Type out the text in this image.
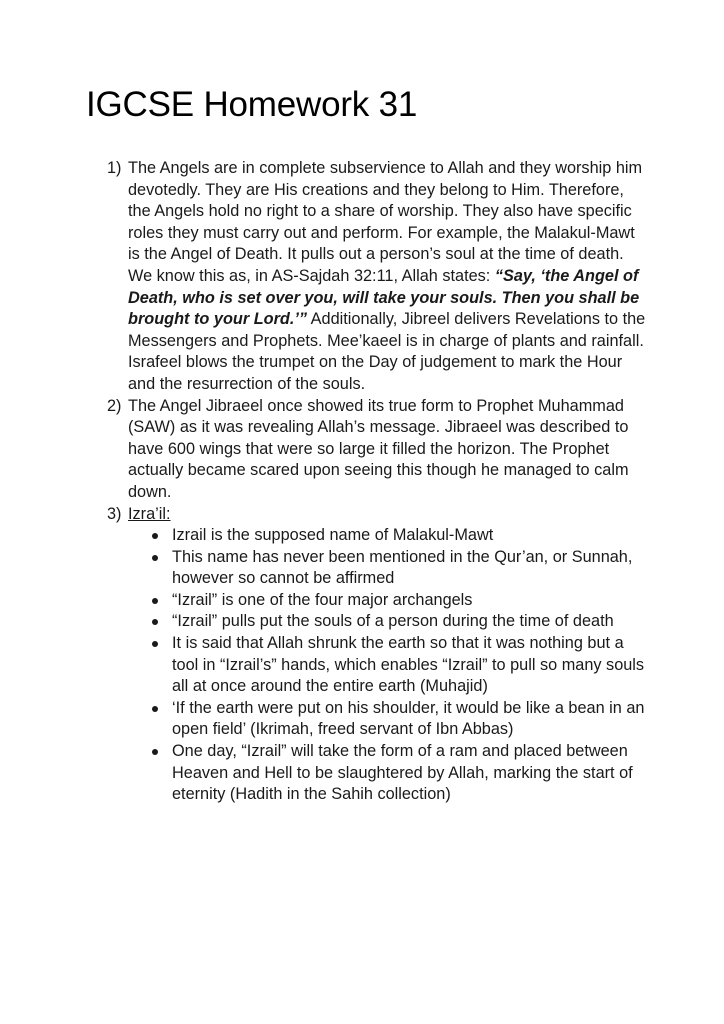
IGCSE Homework 31
1) The Angels are in complete subservience to Allah and they worship him devotedly. They are His creations and they belong to Him. Therefore, the Angels hold no right to a share of worship. They also have specific roles they must carry out and perform. For example, the Malakul-Mawt is the Angel of Death. It pulls out a person’s soul at the time of death. We know this as, in AS-Sajdah 32:11, Allah states: “Say, ‘the Angel of Death, who is set over you, will take your souls. Then you shall be brought to your Lord.’” Additionally, Jibreel delivers Revelations to the Messengers and Prophets. Mee’kaeel is in charge of plants and rainfall. Israfeel blows the trumpet on the Day of judgement to mark the Hour and the resurrection of the souls.
2) The Angel Jibraeel once showed its true form to Prophet Muhammad (SAW) as it was revealing Allah’s message. Jibraeel was described to have 600 wings that were so large it filled the horizon. The Prophet actually became scared upon seeing this though he managed to calm down.
3) Izra’il:
Izrail is the supposed name of Malakul-Mawt
This name has never been mentioned in the Qur’an, or Sunnah, however so cannot be affirmed
“Izrail” is one of the four major archangels
“Izrail” pulls put the souls of a person during the time of death
It is said that Allah shrunk the earth so that it was nothing but a tool in “Izrail’s” hands, which enables “Izrail” to pull so many souls all at once around the entire earth (Muhajid)
‘If the earth were put on his shoulder, it would be like a bean in an open field’ (Ikrimah, freed servant of Ibn Abbas)
One day, “Izrail” will take the form of a ram and placed between Heaven and Hell to be slaughtered by Allah, marking the start of eternity (Hadith in the Sahih collection)
